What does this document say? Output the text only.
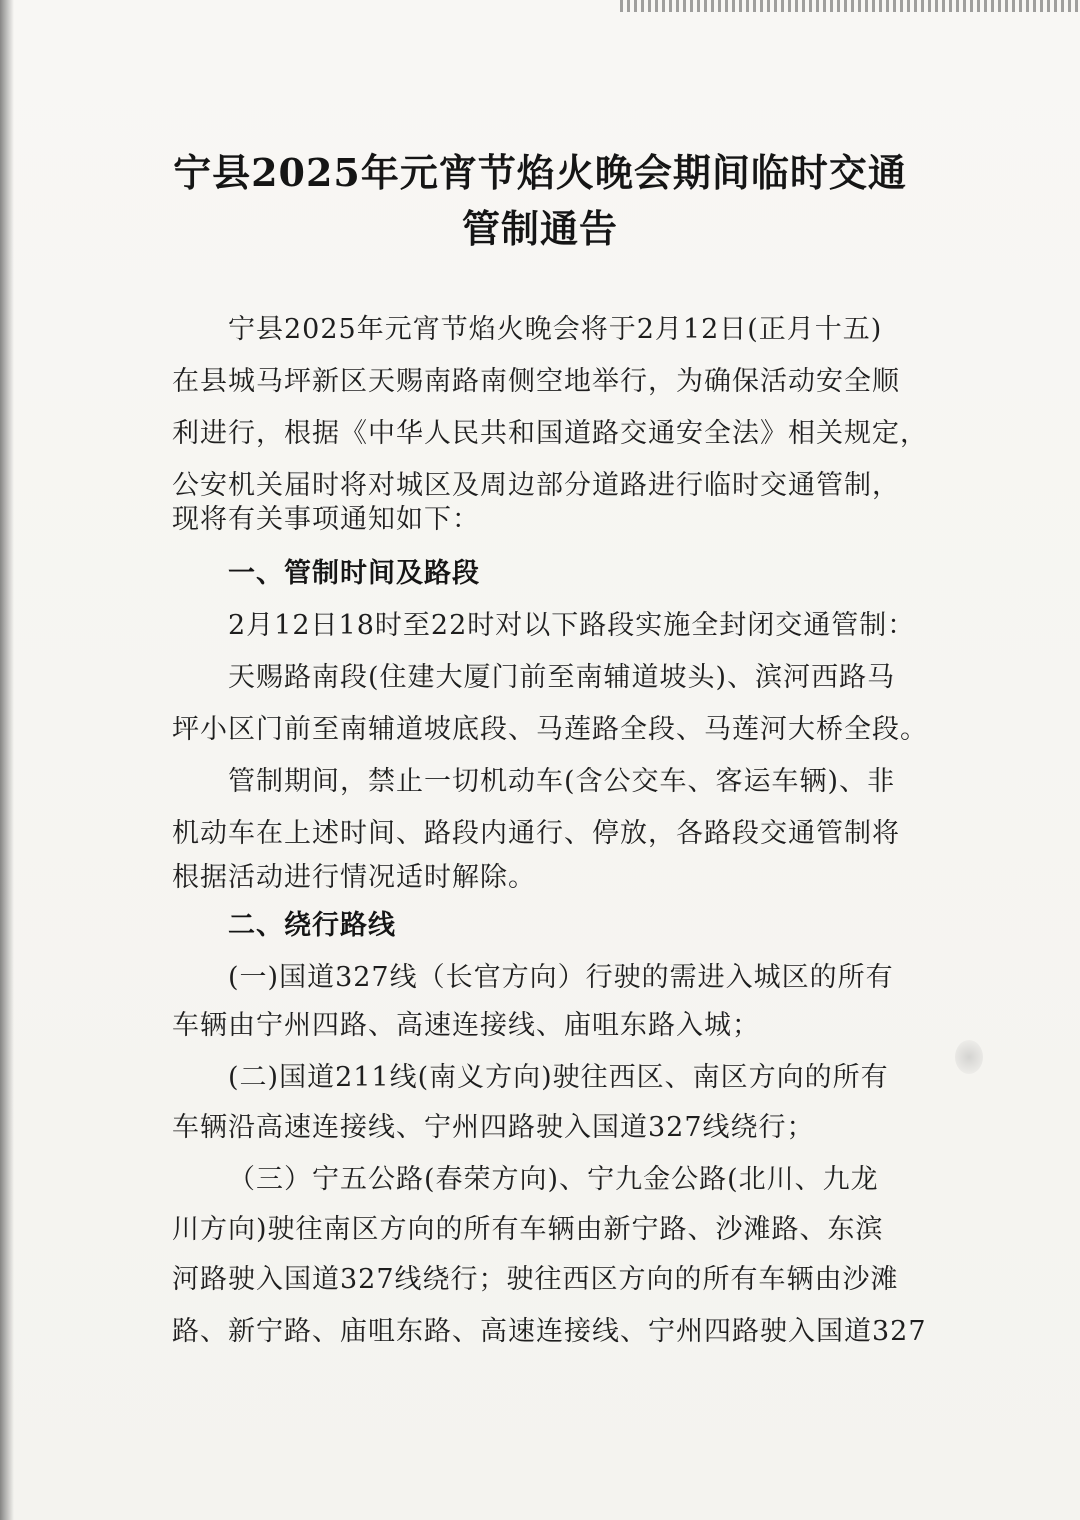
宁县2025年元宵节焰火晚会期间临时交通
管制通告
宁县2025年元宵节焰火晚会将于2月12日(正月十五)
在县城马坪新区天赐南路南侧空地举行，为确保活动安全顺
利进行，根据《中华人民共和国道路交通安全法》相关规定，
公安机关届时将对城区及周边部分道路进行临时交通管制，
现将有关事项通知如下：
一、管制时间及路段
2月12日18时至22时对以下路段实施全封闭交通管制：
天赐路南段(住建大厦门前至南辅道坡头)、滨河西路马
坪小区门前至南辅道坡底段、马莲路全段、马莲河大桥全段。
管制期间，禁止一切机动车(含公交车、客运车辆)、非
机动车在上述时间、路段内通行、停放，各路段交通管制将
根据活动进行情况适时解除。
二、绕行路线
(一)国道327线（长官方向）行驶的需进入城区的所有
车辆由宁州四路、高速连接线、庙咀东路入城；
(二)国道211线(南义方向)驶往西区、南区方向的所有
车辆沿高速连接线、宁州四路驶入国道327线绕行；
（三）宁五公路(春荣方向)、宁九金公路(北川、九龙
川方向)驶往南区方向的所有车辆由新宁路、沙滩路、东滨
河路驶入国道327线绕行；驶往西区方向的所有车辆由沙滩
路、新宁路、庙咀东路、高速连接线、宁州四路驶入国道327
